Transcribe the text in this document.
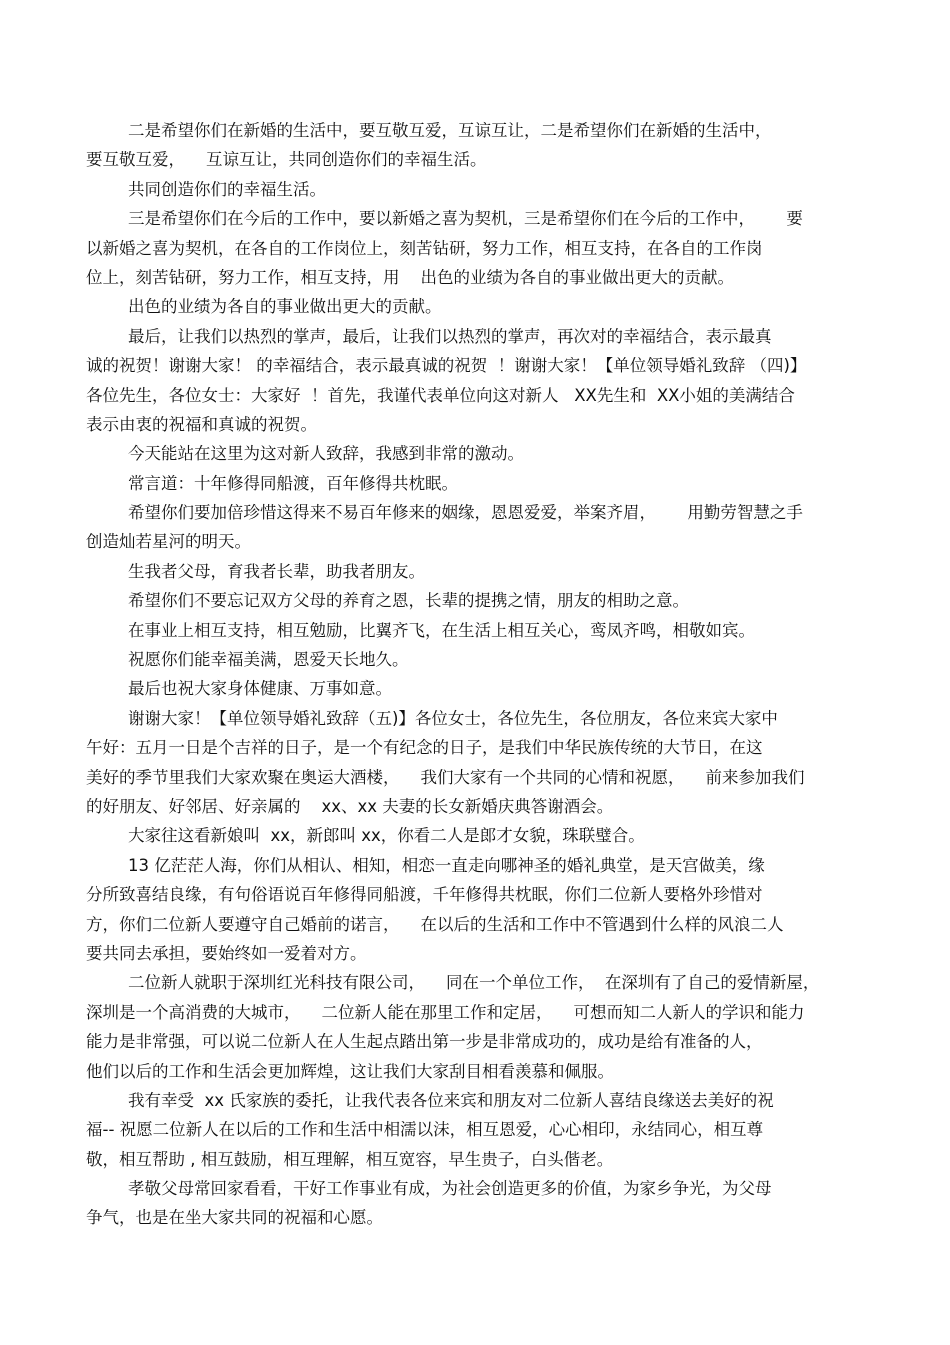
二是希望你们在新婚的生活中，要互敬互爱，互谅互让，二是希望你们在新婚的生活中，
要互敬互爱，    互谅互让，共同创造你们的幸福生活。
共同创造你们的幸福生活。
三是希望你们在今后的工作中，要以新婚之喜为契机，三是希望你们在今后的工作中，      要
以新婚之喜为契机，在各自的工作岗位上，刻苦钻研，努力工作，相互支持，在各自的工作岗
位上，刻苦钻研，努力工作，相互支持，用    出色的业绩为各自的事业做出更大的贡献。
出色的业绩为各自的事业做出更大的贡献。
最后，让我们以热烈的掌声，最后，让我们以热烈的掌声，再次对的幸福结合，表示最真
诚的祝贺！谢谢大家！ 的幸福结合，表示最真诚的祝贺  ！谢谢大家！【单位领导婚礼致辞 （四)】
各位先生，各位女士：大家好  ！首先，我谨代表单位向这对新人   XX先生和  XX小姐的美满结合
表示由衷的祝福和真诚的祝贺。
今天能站在这里为这对新人致辞，我感到非常的激动。
常言道：十年修得同船渡，百年修得共枕眠。
希望你们要加倍珍惜这得来不易百年修来的姻缘，恩恩爱爱，举案齐眉，      用勤劳智慧之手
创造灿若星河的明天。
生我者父母，育我者长辈，助我者朋友。
希望你们不要忘记双方父母的养育之恩，长辈的提携之情，朋友的相助之意。
在事业上相互支持，相互勉励，比翼齐飞，在生活上相互关心，鸾凤齐鸣，相敬如宾。
祝愿你们能幸福美满，恩爱天长地久。
最后也祝大家身体健康、万事如意。
谢谢大家！【单位领导婚礼致辞（五)】各位女士，各位先生，各位朋友，各位来宾大家中
午好：五月一日是个吉祥的日子，是一个有纪念的日子，是我们中华民族传统的大节日，在这
美好的季节里我们大家欢聚在奥运大酒楼，    我们大家有一个共同的心情和祝愿，    前来参加我们
的好朋友、好邻居、好亲属的    xx、xx 夫妻的长女新婚庆典答谢酒会。
大家往这看新娘叫  xx，新郎叫 xx，你看二人是郎才女貌，珠联璧合。
13 亿茫茫人海，你们从相认、相知，相恋一直走向哪神圣的婚礼典堂，是天宫做美，缘
分所致喜结良缘，有句俗语说百年修得同船渡，千年修得共枕眠，你们二位新人要格外珍惜对
方，你们二位新人要遵守自己婚前的诺言，    在以后的生活和工作中不管遇到什么样的风浪二人
要共同去承担，要始终如一爱着对方。
二位新人就职于深圳红光科技有限公司，    同在一个单位工作，  在深圳有了自己的爱情新屋，
深圳是一个高消费的大城市，    二位新人能在那里工作和定居，    可想而知二人新人的学识和能力
能力是非常强，可以说二位新人在人生起点踏出第一步是非常成功的，成功是给有准备的人，
他们以后的工作和生活会更加辉煌，这让我们大家刮目相看羡慕和佩服。
我有幸受  xx 氏家族的委托，让我代表各位来宾和朋友对二位新人喜结良缘送去美好的祝
福-- 祝愿二位新人在以后的工作和生活中相濡以沫，相互恩爱，心心相印，永结同心，相互尊
敬，相互帮助 , 相互鼓励，相互理解，相互宽容，早生贵子，白头偕老。
孝敬父母常回家看看，干好工作事业有成，为社会创造更多的价值，为家乡争光，为父母
争气，也是在坐大家共同的祝福和心愿。
